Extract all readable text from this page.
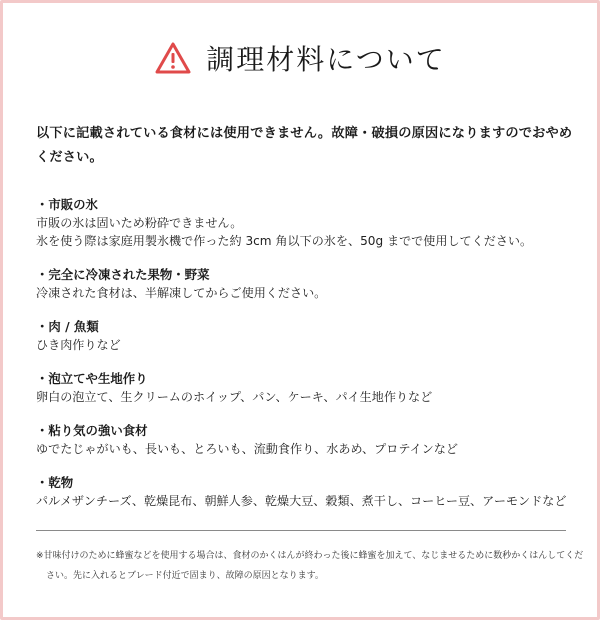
調理材料について
以下に記載されている食材には使用できません。故障・破損の原因になりますのでおやめください。
・市販の氷
市販の氷は固いため粉砕できません。
氷を使う際は家庭用製氷機で作った約 3cm 角以下の氷を、50g までで使用してください。
・完全に冷凍された果物・野菜
冷凍された食材は、半解凍してからご使用ください。
・肉 / 魚類
ひき肉作りなど
・泡立てや生地作り
卵白の泡立て、生クリームのホイップ、パン、ケーキ、パイ生地作りなど
・粘り気の強い食材
ゆでたじゃがいも、長いも、とろいも、流動食作り、水あめ、プロテインなど
・乾物
パルメザンチーズ、乾燥昆布、朝鮮人参、乾燥大豆、穀類、煮干し、コーヒー豆、アーモンドなど
※甘味付けのために蜂蜜などを使用する場合は、食材のかくはんが終わった後に蜂蜜を加えて、なじませるために数秒かくはんしてください。先に入れるとブレード付近で固まり、故障の原因となります。
